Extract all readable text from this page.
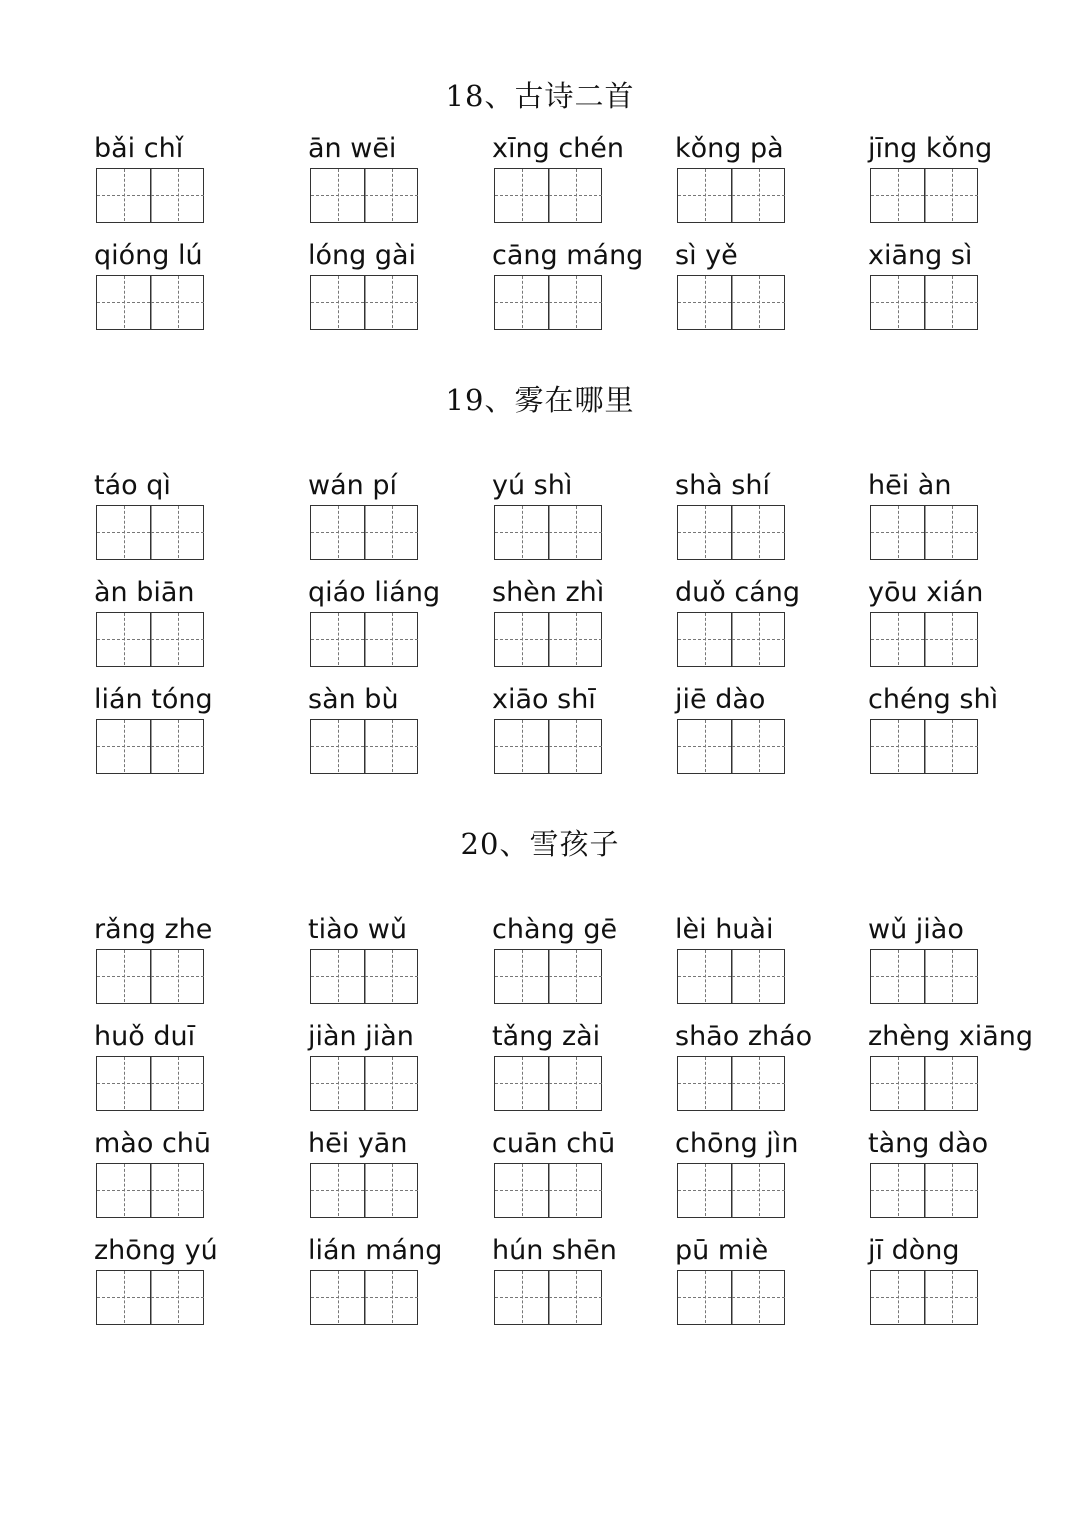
18、古诗二首
bǎi chǐ	ān wēi	xīng chén	kǒng pà	jīng kǒng
qióng lú	lóng gài	cāng máng	sì yě	xiāng sì
19、雾在哪里
táo qì	wán pí	yú shì	shà shí	hēi àn
àn biān	qiáo liáng	shèn zhì	duǒ cáng	yōu xián
lián tóng	sàn bù	xiāo shī	jiē dào	chéng shì
20、雪孩子
rǎng zhe	tiào wǔ	chàng gē	lèi huài	wǔ jiào
huǒ duī	jiàn jiàn	tǎng zài	shāo zháo	zhèng xiāng
mào chū	hēi yān	cuān chū	chōng jìn	tàng dào
zhōng yú	lián máng	hún shēn	pū miè	jī dòng
